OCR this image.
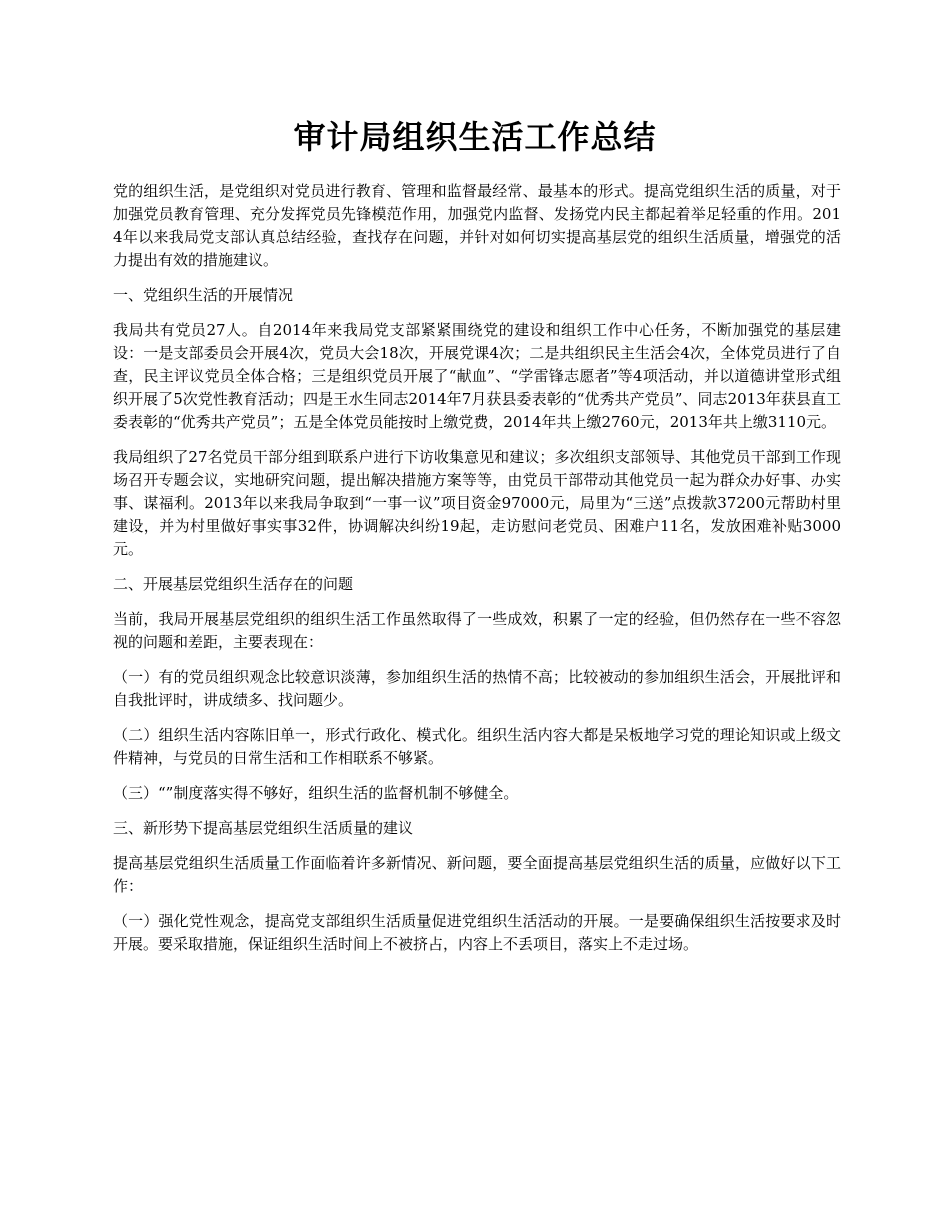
审计局组织生活工作总结

党的组织生活，是党组织对党员进行教育、管理和监督最经常、最基本的形式。提高党组织生活的质量，对于加强党员教育管理、充分发挥党员先锋模范作用，加强党内监督、发扬党内民主都起着举足轻重的作用。2014年以来我局党支部认真总结经验，查找存在问题，并针对如何切实提高基层党的组织生活质量，增强党的活力提出有效的措施建议。

一、党组织生活的开展情况

我局共有党员27人。自2014年来我局党支部紧紧围绕党的建设和组织工作中心任务，不断加强党的基层建设：一是支部委员会开展4次，党员大会18次，开展党课4次；二是共组织民主生活会4次，全体党员进行了自查，民主评议党员全体合格；三是组织党员开展了“献血”、“学雷锋志愿者”等4项活动，并以道德讲堂形式组织开展了5次党性教育活动；四是王水生同志2014年7月获县委表彰的“优秀共产党员”、同志2013年获县直工委表彰的“优秀共产党员”；五是全体党员能按时上缴党费，2014年共上缴2760元，2013年共上缴3110元。

我局组织了27名党员干部分组到联系户进行下访收集意见和建议；多次组织支部领导、其他党员干部到工作现场召开专题会议，实地研究问题，提出解决措施方案等等，由党员干部带动其他党员一起为群众办好事、办实事、谋福利。2013年以来我局争取到“一事一议”项目资金97000元，局里为“三送”点拨款37200元帮助村里建设，并为村里做好事实事32件，协调解决纠纷19起，走访慰问老党员、困难户11名，发放困难补贴3000元。

二、开展基层党组织生活存在的问题

当前，我局开展基层党组织的组织生活工作虽然取得了一些成效，积累了一定的经验，但仍然存在一些不容忽视的问题和差距，主要表现在：

（一）有的党员组织观念比较意识淡薄，参加组织生活的热情不高；比较被动的参加组织生活会，开展批评和自我批评时，讲成绩多、找问题少。

（二）组织生活内容陈旧单一，形式行政化、模式化。组织生活内容大都是呆板地学习党的理论知识或上级文件精神，与党员的日常生活和工作相联系不够紧。

（三）“”制度落实得不够好，组织生活的监督机制不够健全。

三、新形势下提高基层党组织生活质量的建议

提高基层党组织生活质量工作面临着许多新情况、新问题，要全面提高基层党组织生活的质量，应做好以下工作：

（一）强化党性观念，提高党支部组织生活质量促进党组织生活活动的开展。一是要确保组织生活按要求及时开展。要采取措施，保证组织生活时间上不被挤占，内容上不丢项目，落实上不走过场。
